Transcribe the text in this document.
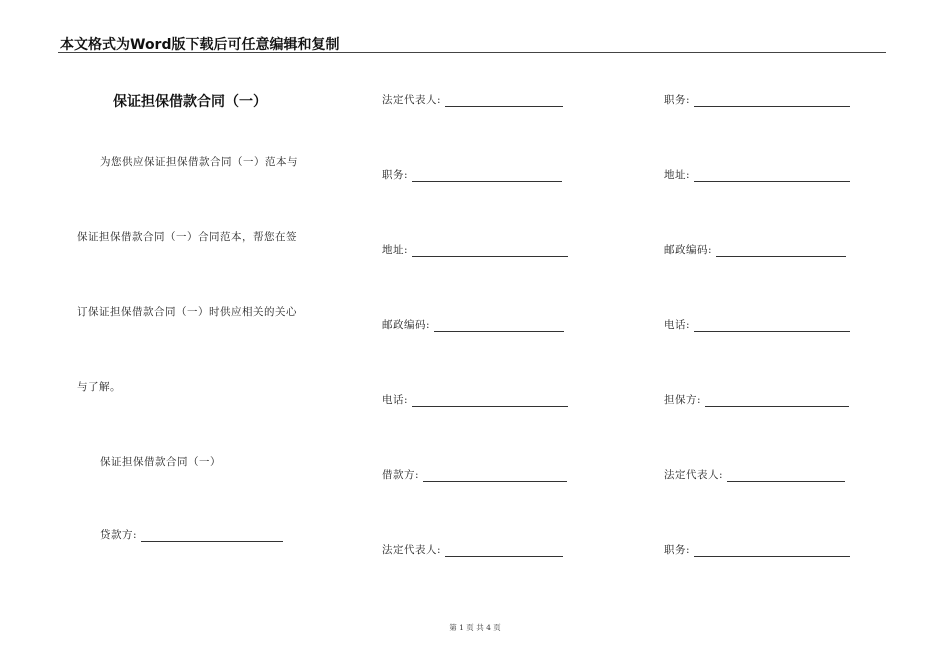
本文格式为Word版下载后可任意编辑和复制
保证担保借款合同（一）
为您供应保证担保借款合同（一）范本与
保证担保借款合同（一）合同范本，帮您在签
订保证担保借款合同（一）时供应相关的关心
与了解。
保证担保借款合同（一）
贷款方:
法定代表人:
职务:
地址:
邮政编码:
电话:
借款方:
法定代表人:
职务:
地址:
邮政编码:
电话:
担保方:
法定代表人:
职务:
第 1 页 共 4 页
